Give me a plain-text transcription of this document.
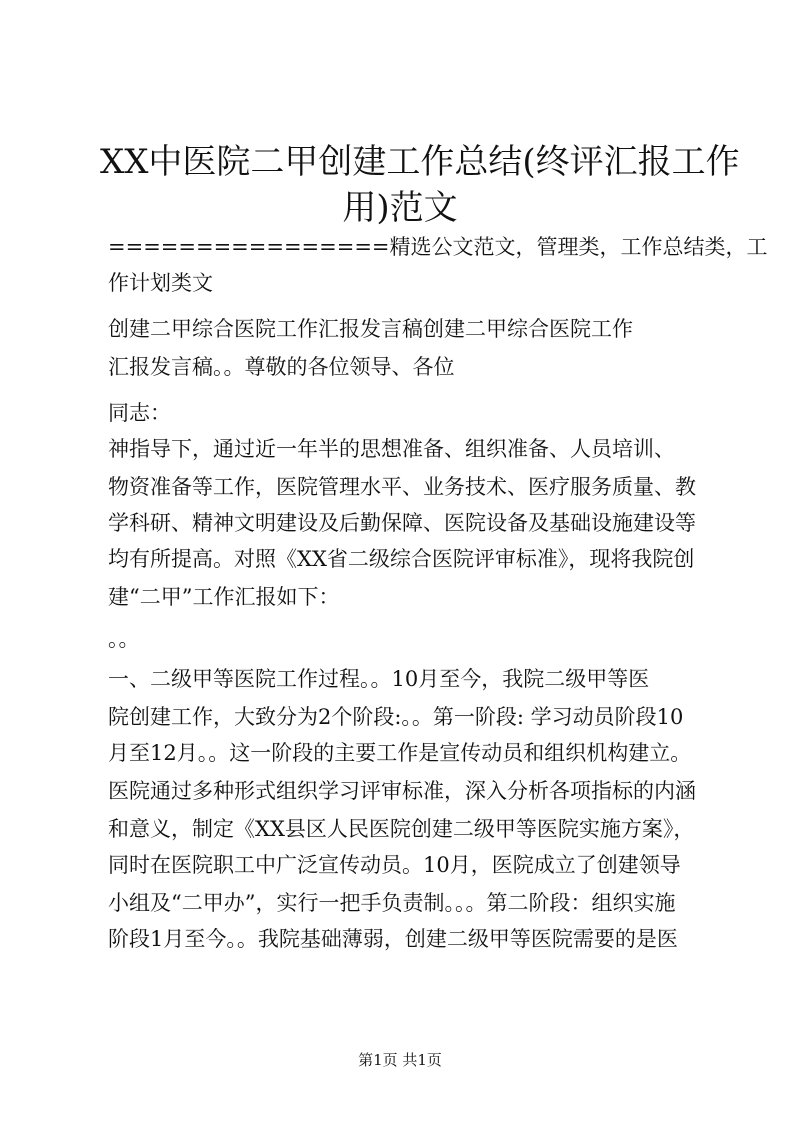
XX中医院二甲创建工作总结(终评汇报工作
用)范文
================精选公文范文，管理类，工作总结类，工
作计划类文
创建二甲综合医院工作汇报发言稿创建二甲综合医院工作
汇报发言稿。。尊敬的各位领导、各位
同志：
神指导下，通过近一年半的思想准备、组织准备、人员培训、
物资准备等工作，医院管理水平、业务技术、医疗服务质量、教
学科研、精神文明建设及后勤保障、医院设备及基础设施建设等
均有所提高。对照《XX省二级综合医院评审标准》，现将我院创
建“二甲”工作汇报如下：
。。
一、二级甲等医院工作过程。。10月至今，我院二级甲等医
院创建工作，大致分为2个阶段:。。第一阶段: 学习动员阶段10
月至12月。。这一阶段的主要工作是宣传动员和组织机构建立。
医院通过多种形式组织学习评审标准，深入分析各项指标的内涵
和意义，制定《XX县区人民医院创建二级甲等医院实施方案》，
同时在医院职工中广泛宣传动员。10月，医院成立了创建领导
小组及“二甲办”，实行一把手负责制。。。第二阶段：组织实施
阶段1月至今。。我院基础薄弱，创建二级甲等医院需要的是医
第1页 共1页
